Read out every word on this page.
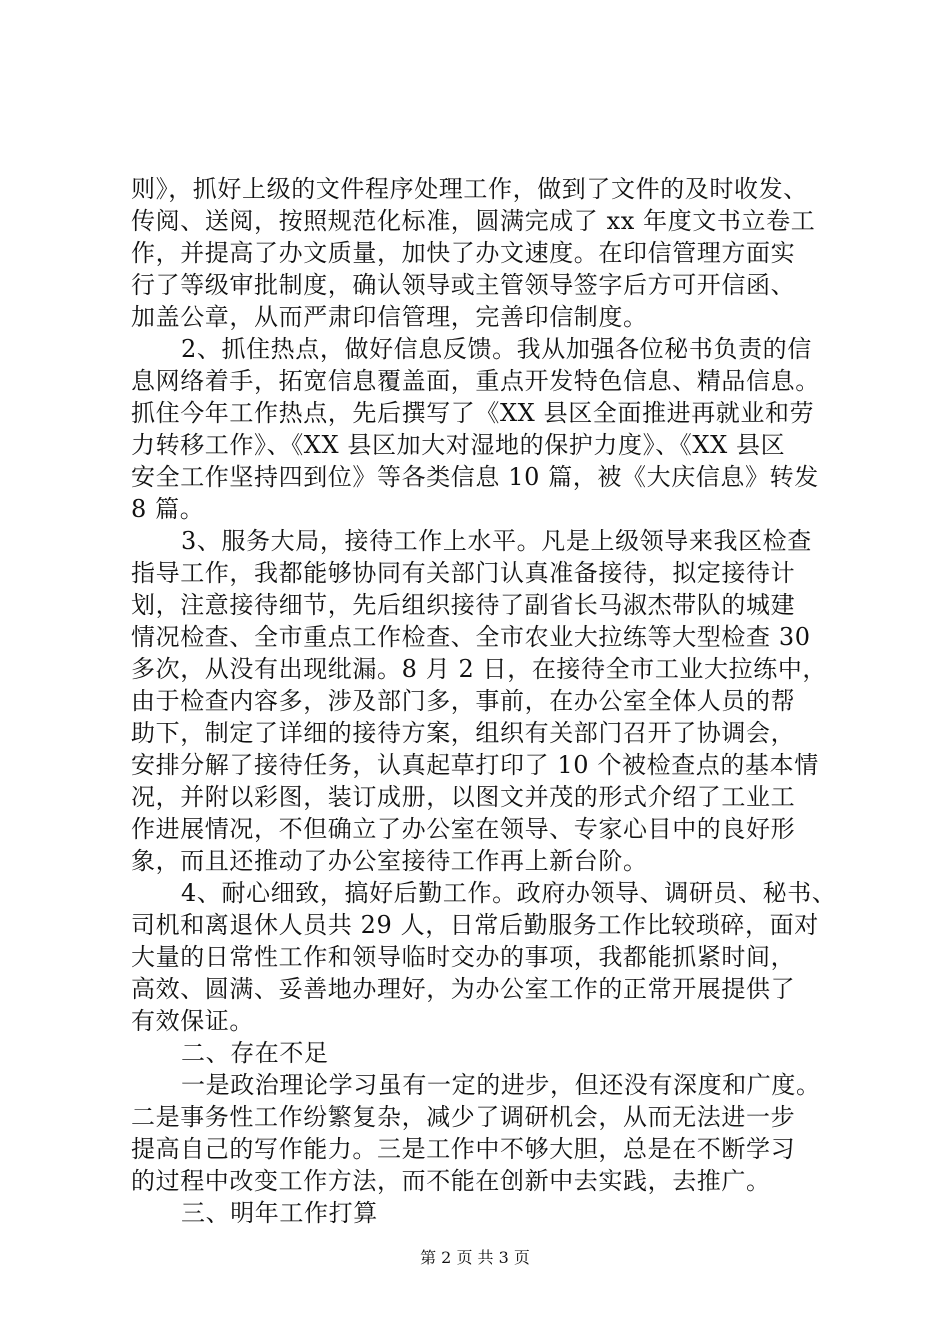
则》，抓好上级的文件程序处理工作，做到了文件的及时收发、
传阅、送阅，按照规范化标准，圆满完成了 xx 年度文书立卷工
作，并提高了办文质量，加快了办文速度。在印信管理方面实
行了等级审批制度，确认领导或主管领导签字后方可开信函、
加盖公章，从而严肃印信管理，完善印信制度。
2、抓住热点，做好信息反馈。我从加强各位秘书负责的信
息网络着手，拓宽信息覆盖面，重点开发特色信息、精品信息。
抓住今年工作热点，先后撰写了《XX 县区全面推进再就业和劳
力转移工作》、《XX 县区加大对湿地的保护力度》、《XX 县区
安全工作坚持四到位》等各类信息 10 篇，被《大庆信息》转发
8 篇。
3、服务大局，接待工作上水平。凡是上级领导来我区检查
指导工作，我都能够协同有关部门认真准备接待，拟定接待计
划，注意接待细节，先后组织接待了副省长马淑杰带队的城建
情况检查、全市重点工作检查、全市农业大拉练等大型检查 30
多次，从没有出现纰漏。8 月 2 日，在接待全市工业大拉练中，
由于检查内容多，涉及部门多，事前，在办公室全体人员的帮
助下，制定了详细的接待方案，组织有关部门召开了协调会，
安排分解了接待任务，认真起草打印了 10 个被检查点的基本情
况，并附以彩图，装订成册，以图文并茂的形式介绍了工业工
作进展情况，不但确立了办公室在领导、专家心目中的良好形
象，而且还推动了办公室接待工作再上新台阶。
4、耐心细致，搞好后勤工作。政府办领导、调研员、秘书、
司机和离退休人员共 29 人，日常后勤服务工作比较琐碎，面对
大量的日常性工作和领导临时交办的事项，我都能抓紧时间，
高效、圆满、妥善地办理好，为办公室工作的正常开展提供了
有效保证。
二、存在不足
一是政治理论学习虽有一定的进步，但还没有深度和广度。
二是事务性工作纷繁复杂，减少了调研机会，从而无法进一步
提高自己的写作能力。三是工作中不够大胆，总是在不断学习
的过程中改变工作方法，而不能在创新中去实践，去推广。
三、明年工作打算
第 2 页 共 3 页
